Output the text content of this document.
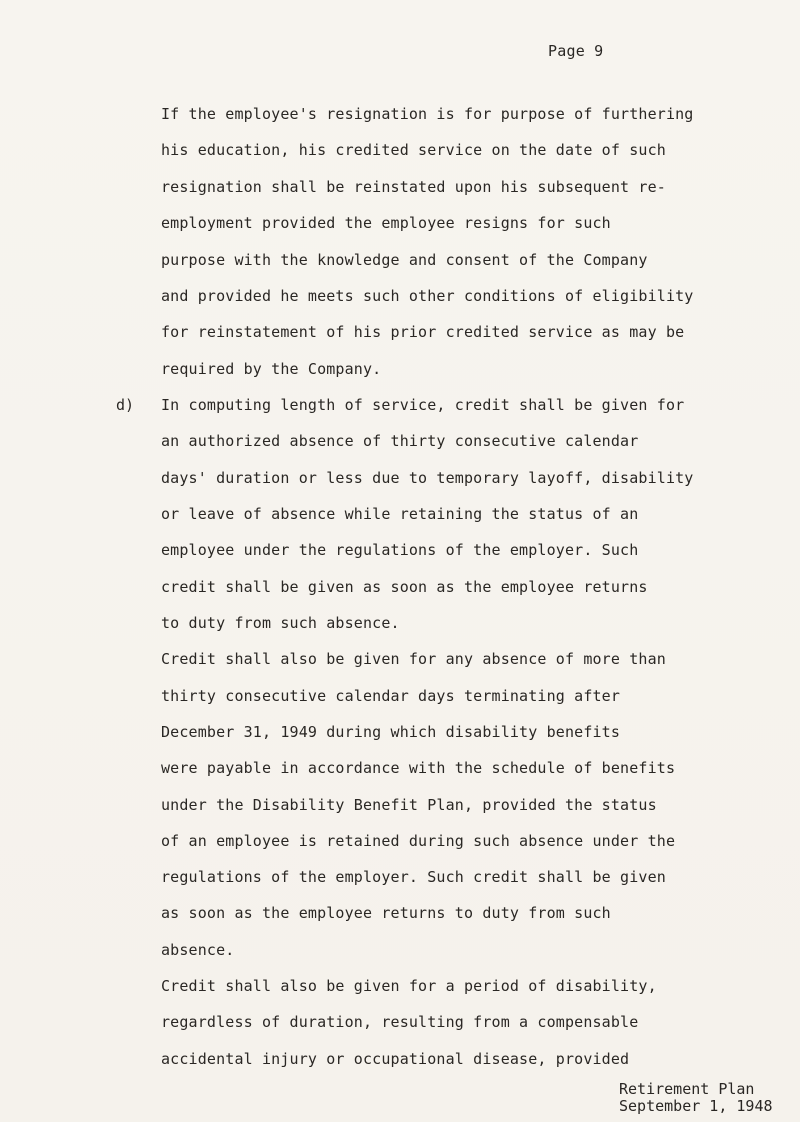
Page 9
d)
If the employee's resignation is for purpose of furthering
his education, his credited service on the date of such
resignation shall be reinstated upon his subsequent re-
employment provided the employee resigns for such
purpose with the knowledge and consent of the Company
and provided he meets such other conditions of eligibility
for reinstatement of his prior credited service as may be
required by the Company.
In computing length of service, credit shall be given for
an authorized absence of thirty consecutive calendar
days' duration or less due to temporary layoff, disability
or leave of absence while retaining the status of an
employee under the regulations of the employer. Such
credit shall be given as soon as the employee returns
to duty from such absence.
Credit shall also be given for any absence of more than
thirty consecutive calendar days terminating after
December 31, 1949 during which disability benefits
were payable in accordance with the schedule of benefits
under the Disability Benefit Plan, provided the status
of an employee is retained during such absence under the
regulations of the employer. Such credit shall be given
as soon as the employee returns to duty from such
absence.
Credit shall also be given for a period of disability,
regardless of duration, resulting from a compensable
accidental injury or occupational disease, provided
Retirement Plan
September 1, 1948
